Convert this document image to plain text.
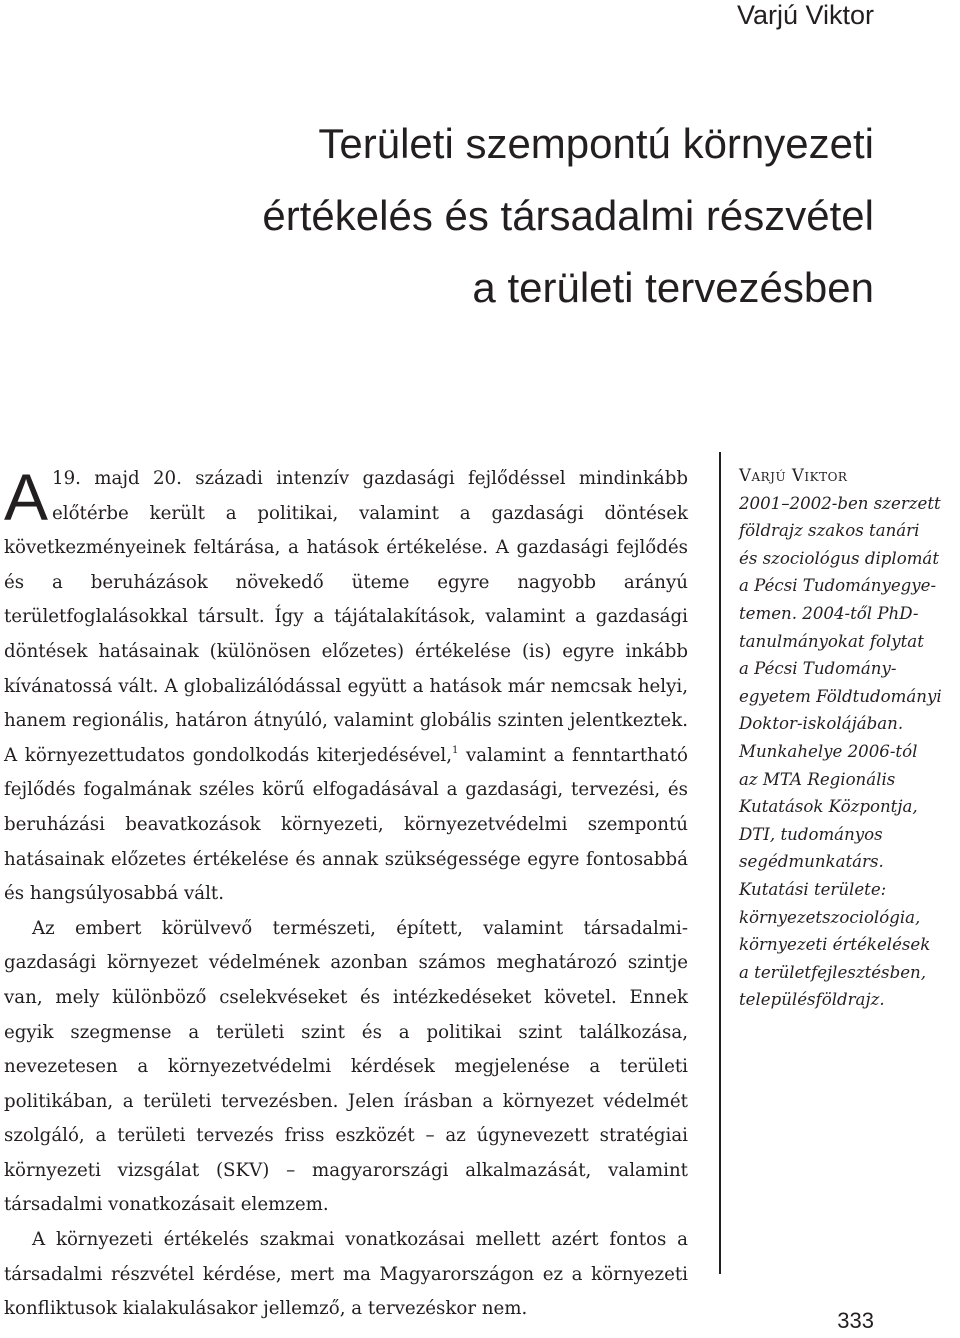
Varjú Viktor
Területi szempontú környezeti
értékelés és társadalmi részvétel
a területi tervezésben

A 19. majd 20. századi intenzív gazdasági fejlődéssel mindinkább előtérbe került a politikai, valamint a gazdasági döntések következményeinek feltárása, a hatások értékelése. A gazdasági fejlődés és a beruházások növekedő üteme egyre nagyobb arányú területfoglalásokkal társult. Így a tájátalakítások, valamint a gazdasági döntések hatásainak (különösen előzetes) értékelése (is) egyre inkább kívánatossá vált. A globalizálódással együtt a hatások már nemcsak helyi, hanem regionális, határon átnyúló, valamint globális szinten jelentkeztek. A környezettudatos gondolkodás kiterjedésével,$^1$ valamint a fenntartható fejlődés fogalmának széles körű elfogadásával a gazdasági, tervezési, és beruházási beavatkozások környezeti, környezetvédelmi szempontú hatásainak előzetes értékelése és annak szükségessége egyre fontosabbá és hangsúlyosabbá vált.

Az embert körülvevő természeti, épített, valamint társadalmi-gazdasági környezet védelmének azonban számos meghatározó szintje van, mely különböző cselekvéseket és intézkedéseket követel. Ennek egyik szegmense a területi szint és a politikai szint találkozása, nevezetesen a környezetvédelmi kérdések megjelenése a területi politikában, a területi tervezésben. Jelen írásban a környezet védelmét szolgáló, a területi tervezés friss eszközét – az úgynevezett stratégiai környezeti vizsgálat (SKV) – magyarországi alkalmazását, valamint társadalmi vonatkozásait elemzem.

A környezeti értékelés szakmai vonatkozásai mellett azért fontos a társadalmi részvétel kérdése, mert ma Magyarországon ez a környezeti konfliktusok kialakulásakor jellemző, a tervezéskor nem.

Varjú Viktor
2001–2002-ben szerzett
földrajz szakos tanári
és szociológus diplomát
a Pécsi Tudományegye-
temen. 2004-től PhD-
tanulmányokat folytat
a Pécsi Tudomány-
egyetem Földtudományi
Doktor-iskolájában.
Munkahelye 2006-tól
az MTA Regionális
Kutatások Központja,
DTI, tudományos
segédmunkatárs.
Kutatási területe:
környezetszociológia,
környezeti értékelések
a területfejlesztésben,
településföldrajz.
333
